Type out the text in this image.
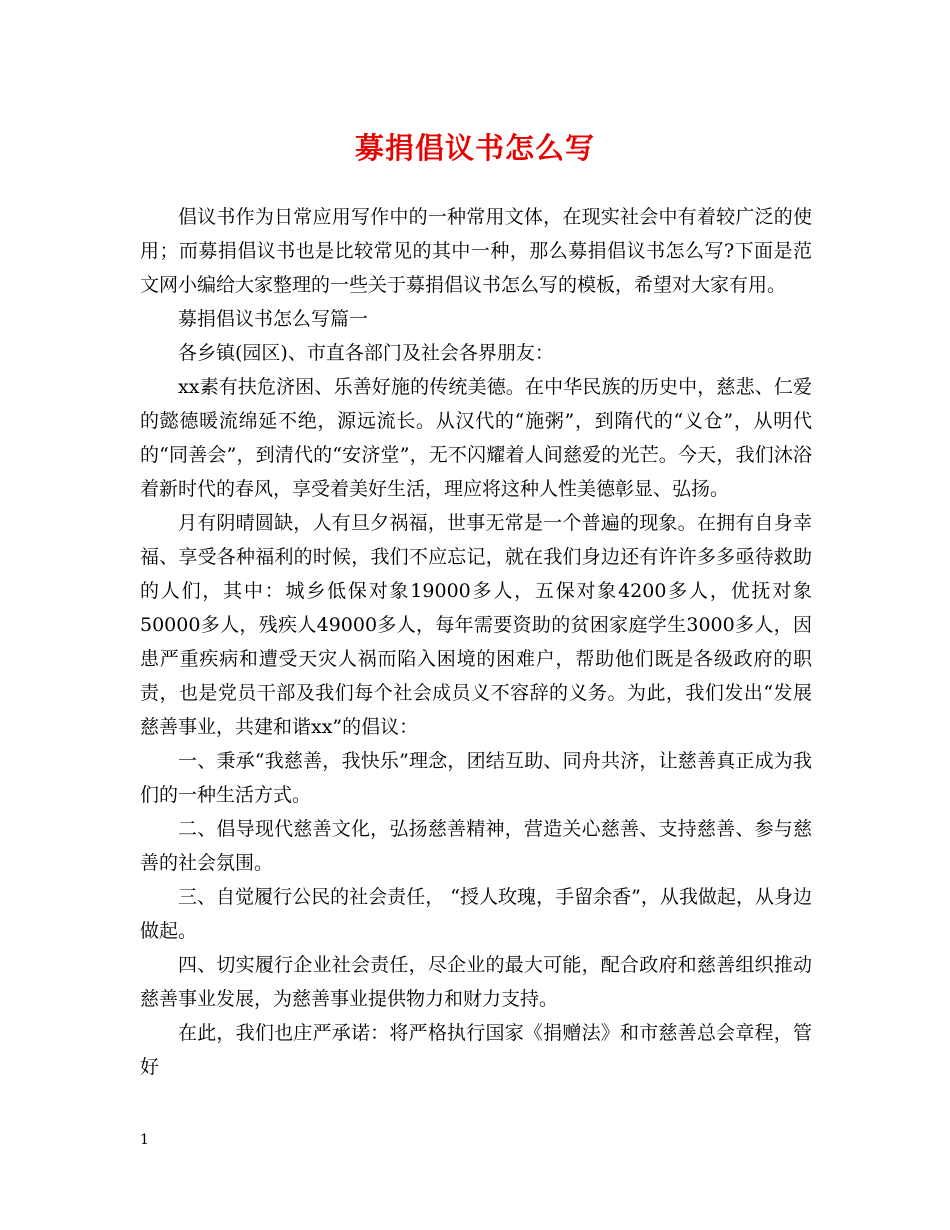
募捐倡议书怎么写

倡议书作为日常应用写作中的一种常用文体，在现实社会中有着较广泛的使用；而募捐倡议书也是比较常见的其中一种，那么募捐倡议书怎么写?下面是范文网小编给大家整理的一些关于募捐倡议书怎么写的模板，希望对大家有用。

募捐倡议书怎么写篇一

各乡镇(园区)、市直各部门及社会各界朋友：

xx素有扶危济困、乐善好施的传统美德。在中华民族的历史中，慈悲、仁爱的懿德暖流绵延不绝，源远流长。从汉代的“施粥”，到隋代的“义仓”，从明代的“同善会”，到清代的“安济堂”，无不闪耀着人间慈爱的光芒。今天，我们沐浴着新时代的春风，享受着美好生活，理应将这种人性美德彰显、弘扬。

月有阴晴圆缺，人有旦夕祸福，世事无常是一个普遍的现象。在拥有自身幸福、享受各种福利的时候，我们不应忘记，就在我们身边还有许许多多亟待救助的人们，其中：城乡低保对象19000多人，五保对象4200多人，优抚对象50000多人，残疾人49000多人，每年需要资助的贫困家庭学生3000多人，因患严重疾病和遭受天灾人祸而陷入困境的困难户，帮助他们既是各级政府的职责，也是党员干部及我们每个社会成员义不容辞的义务。为此，我们发出“发展慈善事业，共建和谐xx”的倡议：

一、秉承“我慈善，我快乐”理念，团结互助、同舟共济，让慈善真正成为我们的一种生活方式。

二、倡导现代慈善文化，弘扬慈善精神，营造关心慈善、支持慈善、参与慈善的社会氛围。

三、自觉履行公民的社会责任， “授人玫瑰，手留余香”，从我做起，从身边做起。

四、切实履行企业社会责任，尽企业的最大可能，配合政府和慈善组织推动慈善事业发展，为慈善事业提供物力和财力支持。

在此，我们也庄严承诺：将严格执行国家《捐赠法》和市慈善总会章程，管好

1
